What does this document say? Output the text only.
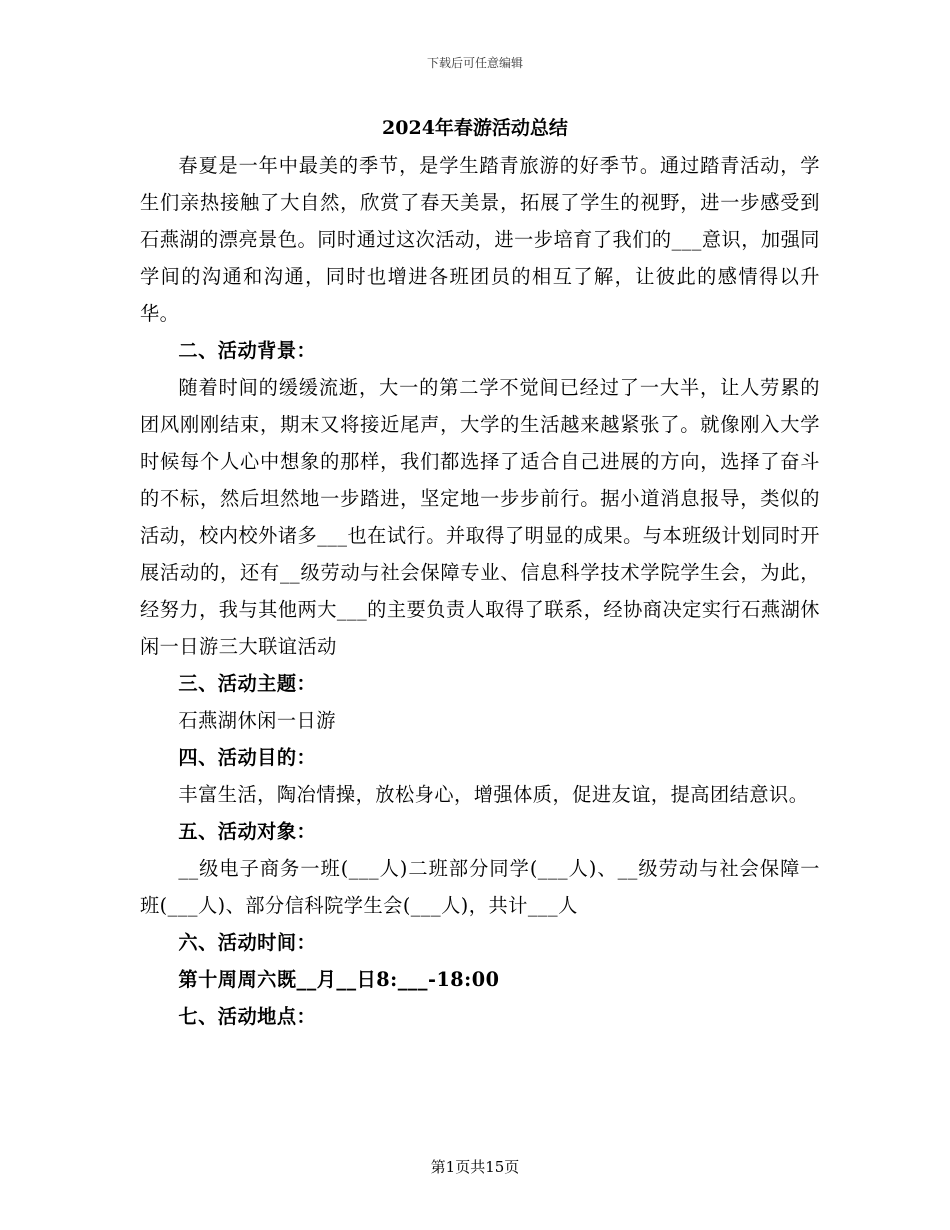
下载后可任意编辑
2024年春游活动总结

春夏是一年中最美的季节，是学生踏青旅游的好季节。通过踏青活动，学生们亲热接触了大自然，欣赏了春天美景，拓展了学生的视野，进一步感受到石燕湖的漂亮景色。同时通过这次活动，进一步培育了我们的___意识，加强同学间的沟通和沟通，同时也增进各班团员的相互了解，让彼此的感情得以升华。

二、活动背景：

随着时间的缓缓流逝，大一的第二学不觉间已经过了一大半，让人劳累的团风刚刚结束，期末又将接近尾声，大学的生活越来越紧张了。就像刚入大学时候每个人心中想象的那样，我们都选择了适合自己进展的方向，选择了奋斗的不标，然后坦然地一步踏进，坚定地一步步前行。据小道消息报导，类似的活动，校内校外诸多___也在试行。并取得了明显的成果。与本班级计划同时开展活动的，还有__级劳动与社会保障专业、信息科学技术学院学生会，为此，经努力，我与其他两大___的主要负责人取得了联系，经协商决定实行石燕湖休闲一日游三大联谊活动

三、活动主题：

石燕湖休闲一日游

四、活动目的：

丰富生活，陶冶情操，放松身心，增强体质，促进友谊，提高团结意识。

五、活动对象：

__级电子商务一班(___人)二班部分同学(___人)、__级劳动与社会保障一班(___人)、部分信科院学生会(___人)，共计___人

六、活动时间：

第十周周六既__月__日8:___-18:00

七、活动地点：

第1页共15页
